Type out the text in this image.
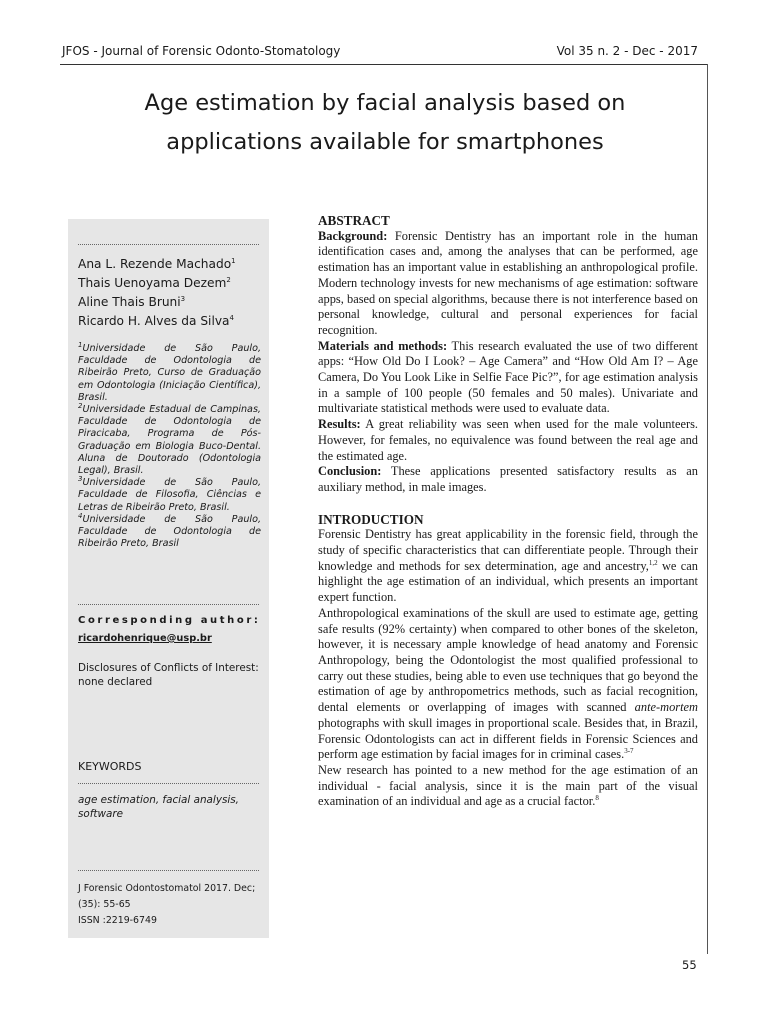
JFOS - Journal of Forensic Odonto-Stomatology	Vol 35 n. 2 - Dec - 2017
Age estimation by facial analysis based on
applications available for smartphones
Ana L. Rezende Machado$^1$
Thais Uenoyama Dezem$^2$
Aline Thais Bruni$^3$
Ricardo H. Alves da Silva$^4$
$^1$Universidade de São Paulo, Faculdade de Odontologia de Ribeirão Preto, Curso de Graduação em Odontologia (Iniciação Científica), Brasil.
$^2$Universidade Estadual de Campinas, Faculdade de Odontologia de Piracicaba, Programa de Pós-Graduação em Biologia Buco-Dental. Aluna de Doutorado (Odontologia Legal), Brasil.
$^3$Universidade de São Paulo, Faculdade de Filosofia, Ciências e Letras de Ribeirão Preto, Brasil.
$^4$Universidade de São Paulo, Faculdade de Odontologia de Ribeirão Preto, Brasil
Corresponding author:
ricardohenrique@usp.br
Disclosures of Conflicts of Interest: none declared
KEYWORDS
age estimation, facial analysis, software
J Forensic Odontostomatol 2017. Dec;
(35): 55-65
ISSN :2219-6749
ABSTRACT

Background: Forensic Dentistry has an important role in the human identification cases and, among the analyses that can be performed, age estimation has an important value in establishing an anthropological profile. Modern technology invests for new mechanisms of age estimation: software apps, based on special algorithms, because there is not interference based on personal knowledge, cultural and personal experiences for facial recognition.

Materials and methods: This research evaluated the use of two different apps: “How Old Do I Look? – Age Camera” and “How Old Am I? – Age Camera, Do You Look Like in Selfie Face Pic?”, for age estimation analysis in a sample of 100 people (50 females and 50 males). Univariate and multivariate statistical methods were used to evaluate data.

Results: A great reliability was seen when used for the male volunteers. However, for females, no equivalence was found between the real age and the estimated age.

Conclusion: These applications presented satisfactory results as an auxiliary method, in male images.

INTRODUCTION

Forensic Dentistry has great applicability in the forensic field, through the study of specific characteristics that can differentiate people. Through their knowledge and methods for sex determination, age and ancestry,$^{1,2}$ we can highlight the age estimation of an individual, which presents an important expert function.

Anthropological examinations of the skull are used to estimate age, getting safe results (92% certainty) when compared to other bones of the skeleton, however, it is necessary ample knowledge of head anatomy and Forensic Anthropology, being the Odontologist the most qualified professional to carry out these studies, being able to even use techniques that go beyond the estimation of age by anthropometrics methods, such as facial recognition, dental elements or overlapping of images with scanned ante-mortem photographs with skull images in proportional scale. Besides that, in Brazil, Forensic Odontologists can act in different fields in Forensic Sciences and perform age estimation by facial images for in criminal cases.$^{3-7}$

New research has pointed to a new method for the age estimation of an individual - facial analysis, since it is the main part of the visual examination of an individual and age as a crucial factor.$^8$

55
